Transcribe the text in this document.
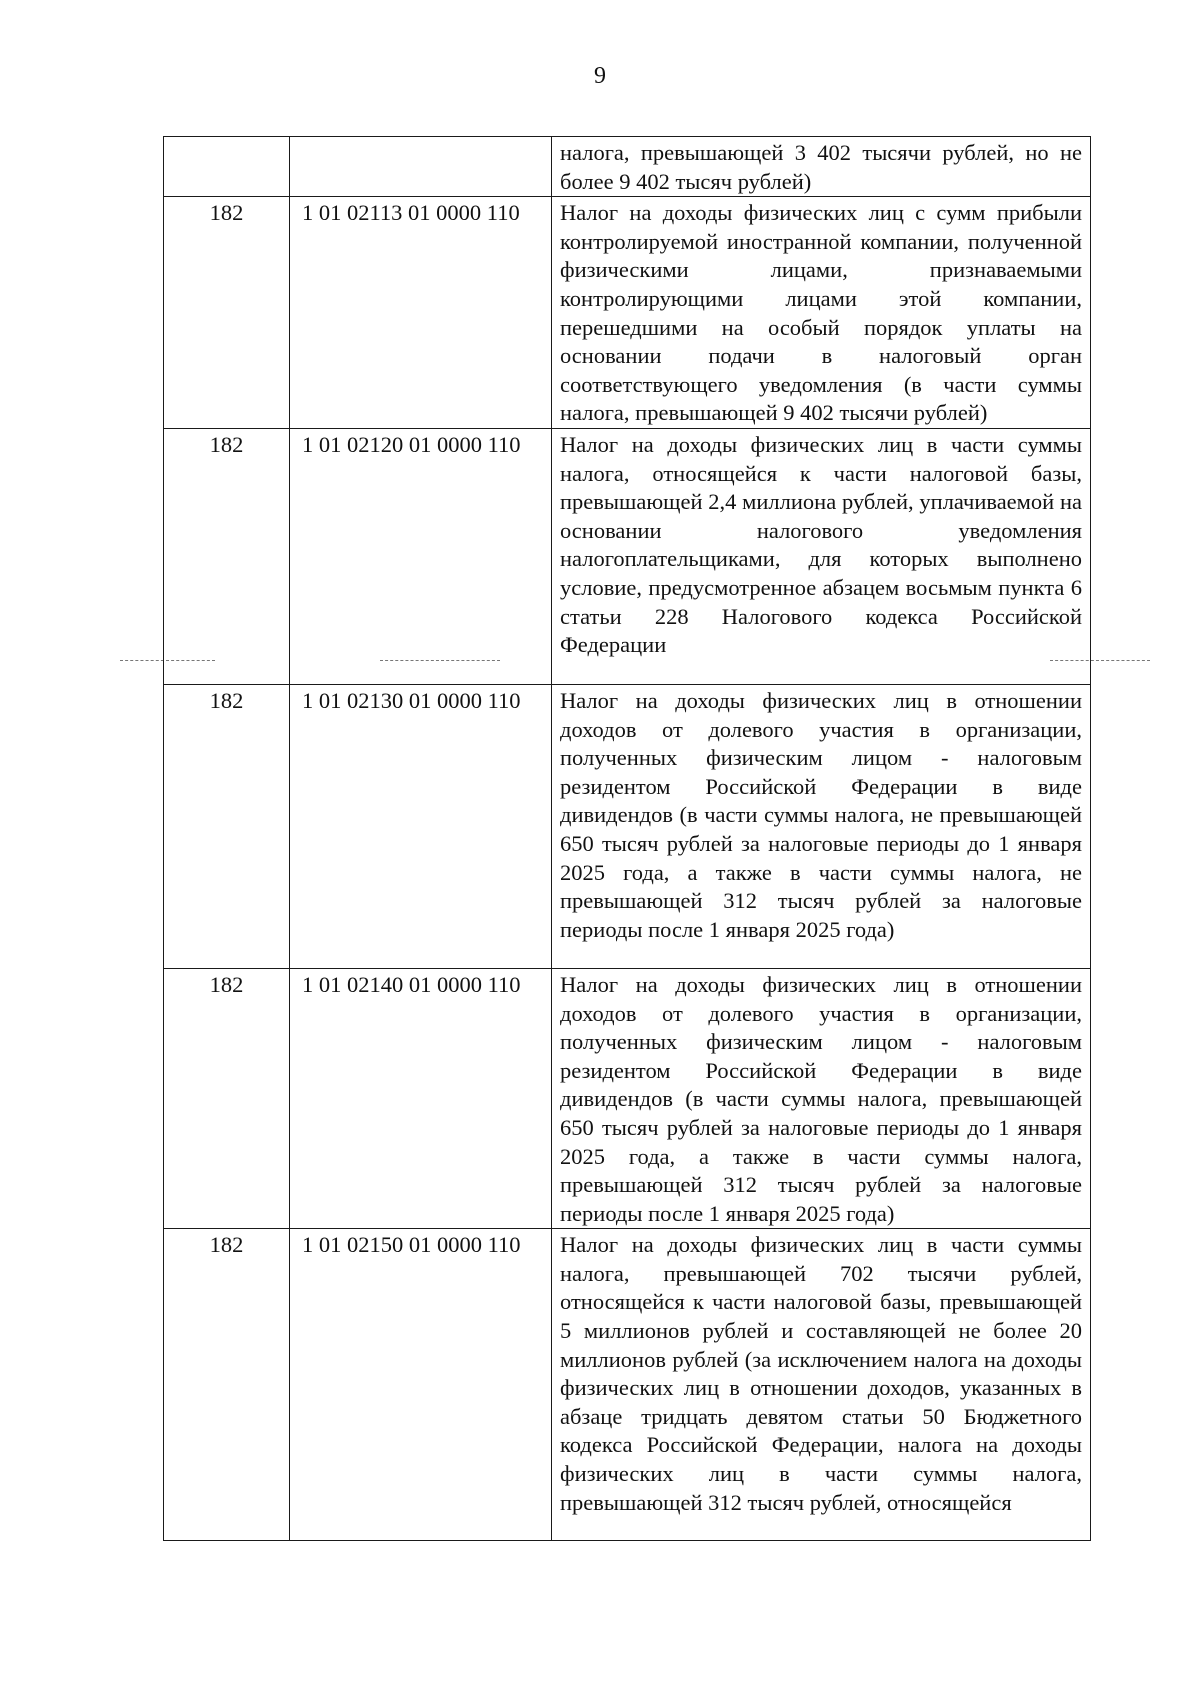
9
		налога, превышающей 3 402 тысячи рублей, но не более 9 402 тысяч рублей)
182	1 01 02113 01 0000 110	Налог на доходы физических лиц с сумм прибыли контролируемой иностранной компании, полученной физическими лицами, признаваемыми контролирующими лицами этой компании, перешедшими на особый порядок уплаты на основании подачи в налоговый орган соответствующего уведомления (в части суммы налога, превышающей 9 402 тысячи рублей)
182	1 01 02120 01 0000 110	Налог на доходы физических лиц в части суммы налога, относящейся к части налоговой базы, превышающей 2,4 миллиона рублей, уплачиваемой на основании налогового уведомления налогоплательщиками, для которых выполнено условие, предусмотренное абзацем восьмым пункта 6 статьи 228 Налогового кодекса Российской Федерации
182	1 01 02130 01 0000 110	Налог на доходы физических лиц в отношении доходов от долевого участия в организации, полученных физическим лицом - налоговым резидентом Российской Федерации в виде дивидендов (в части суммы налога, не превышающей 650 тысяч рублей за налоговые периоды до 1 января 2025 года, а также в части суммы налога, не превышающей 312 тысяч рублей за налоговые периоды после 1 января 2025 года)
182	1 01 02140 01 0000 110	Налог на доходы физических лиц в отношении доходов от долевого участия в организации, полученных физическим лицом - налоговым резидентом Российской Федерации в виде дивидендов (в части суммы налога, превышающей 650 тысяч рублей за налоговые периоды до 1 января 2025 года, а также в части суммы налога, превышающей 312 тысяч рублей за налоговые периоды после 1 января 2025 года)
182	1 01 02150 01 0000 110	Налог на доходы физических лиц в части суммы налога, превышающей 702 тысячи рублей, относящейся к части налоговой базы, превышающей 5 миллионов рублей и составляющей не более 20 миллионов рублей (за исключением налога на доходы физических лиц в отношении доходов, указанных в абзаце тридцать девятом статьи 50 Бюджетного кодекса Российской Федерации, налога на доходы физических лиц в части суммы налога, превышающей 312 тысяч рублей, относящейся
